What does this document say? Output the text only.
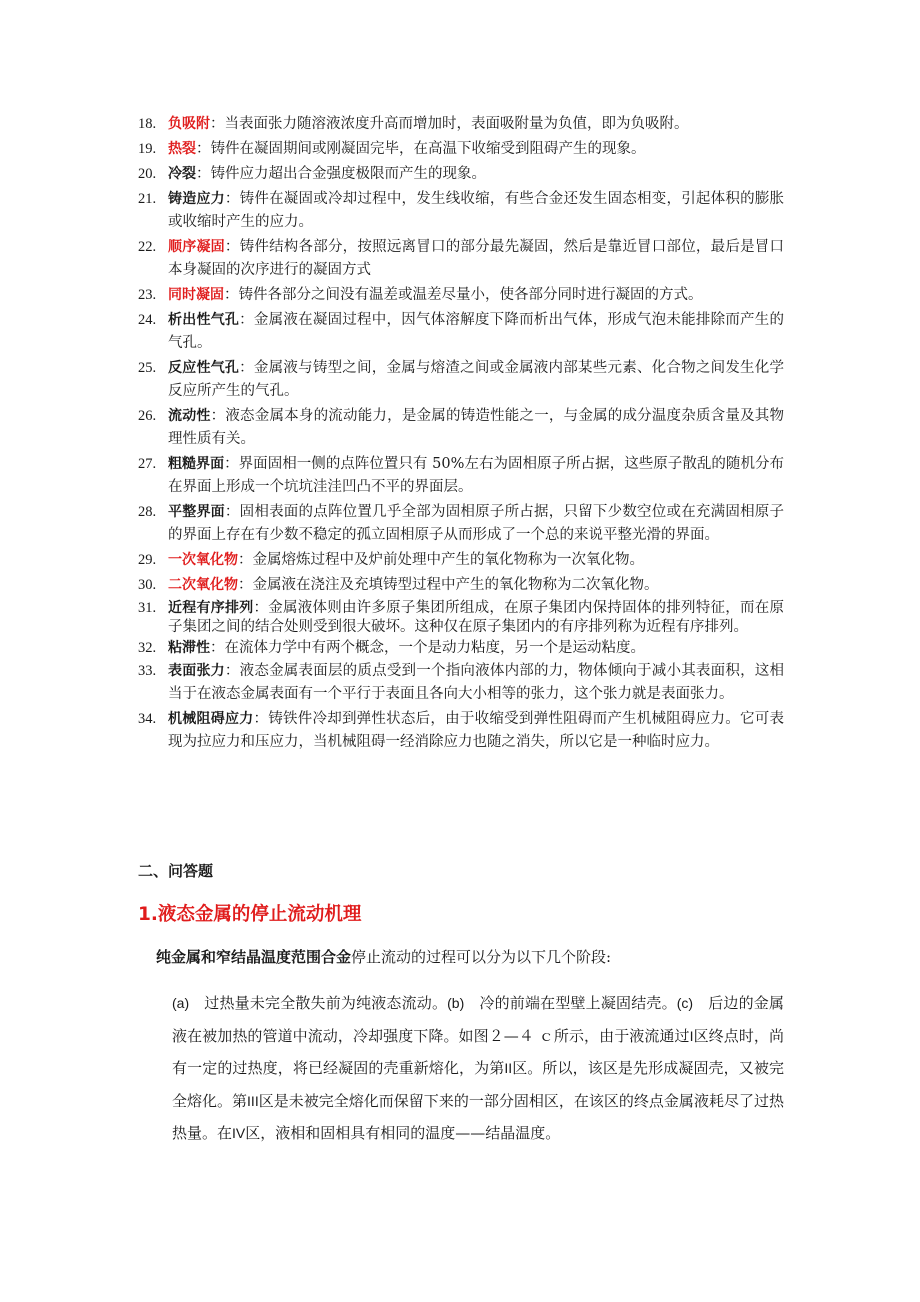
18. 负吸附：当表面张力随溶液浓度升高而增加时，表面吸附量为负值，即为负吸附。
19. 热裂：铸件在凝固期间或刚凝固完毕，在高温下收缩受到阻碍产生的现象。
20. 冷裂：铸件应力超出合金强度极限而产生的现象。
21. 铸造应力：铸件在凝固或冷却过程中，发生线收缩，有些合金还发生固态相变，引起体积的膨胀或收缩时产生的应力。
22. 顺序凝固：铸件结构各部分，按照远离冒口的部分最先凝固，然后是靠近冒口部位，最后是冒口本身凝固的次序进行的凝固方式
23. 同时凝固：铸件各部分之间没有温差或温差尽量小，使各部分同时进行凝固的方式。
24. 析出性气孔：金属液在凝固过程中，因气体溶解度下降而析出气体，形成气泡未能排除而产生的气孔。
25. 反应性气孔：金属液与铸型之间，金属与熔渣之间或金属液内部某些元素、化合物之间发生化学反应所产生的气孔。
26. 流动性：液态金属本身的流动能力，是金属的铸造性能之一，与金属的成分温度杂质含量及其物理性质有关。
27. 粗糙界面：界面固相一侧的点阵位置只有 50%左右为固相原子所占据，这些原子散乱的随机分布在界面上形成一个坑坑洼洼凹凸不平的界面层。
28. 平整界面：固相表面的点阵位置几乎全部为固相原子所占据，只留下少数空位或在充满固相原子的界面上存在有少数不稳定的孤立固相原子从而形成了一个总的来说平整光滑的界面。
29. 一次氧化物：金属熔炼过程中及炉前处理中产生的氧化物称为一次氧化物。
30. 二次氧化物：金属液在浇注及充填铸型过程中产生的氧化物称为二次氧化物。
31. 近程有序排列：金属液体则由许多原子集团所组成，在原子集团内保持固体的排列特征，而在原子集团之间的结合处则受到很大破坏。这种仅在原子集团内的有序排列称为近程有序排列。
32. 粘滞性：在流体力学中有两个概念，一个是动力粘度，另一个是运动粘度。
33. 表面张力：液态金属表面层的质点受到一个指向液体内部的力，物体倾向于减小其表面积，这相当于在液态金属表面有一个平行于表面且各向大小相等的张力，这个张力就是表面张力。
34. 机械阻碍应力：铸铁件冷却到弹性状态后，由于收缩受到弹性阻碍而产生机械阻碍应力。它可表现为拉应力和压应力，当机械阻碍一经消除应力也随之消失，所以它是一种临时应力。
二、问答题
1.液态金属的停止流动机理
纯金属和窄结晶温度范围合金停止流动的过程可以分为以下几个阶段:
(a)  过热量未完全散失前为纯液态流动。(b)  冷的前端在型壁上凝固结壳。(c)  后边的金属液在被加热的管道中流动，冷却强度下降。如图２—４ ｃ所示，由于液流通过I区终点时，尚有一定的过热度，将已经凝固的壳重新熔化，为第II区。所以，该区是先形成凝固壳，又被完全熔化。第III区是未被完全熔化而保留下来的一部分固相区，在该区的终点金属液耗尽了过热热量。在IV区，液相和固相具有相同的温度——结晶温度。
